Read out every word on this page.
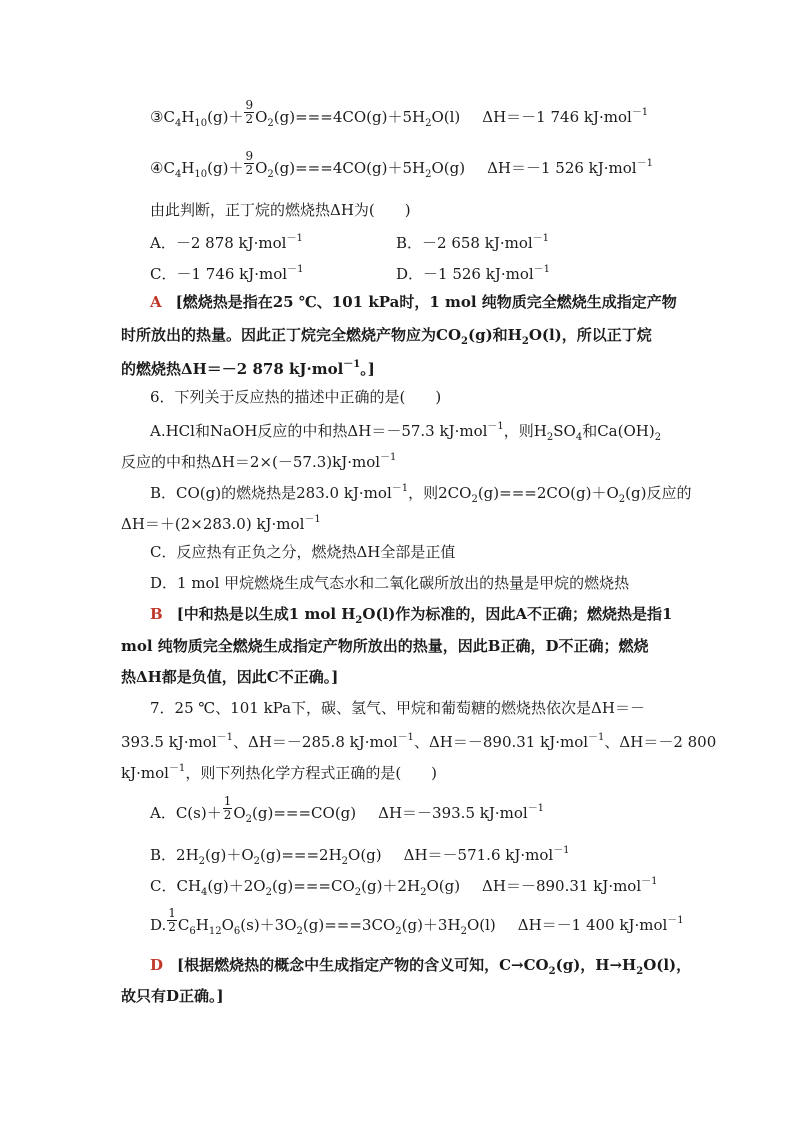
$③C_4H_{10}(g)+ \frac{9}{2} O_2(g)===4CO(g)+5H_2O(l)$ ΔH＝－1 746 kJ·mol$^{-1}$
$④C_4H_{10}(g)+ \frac{9}{2} O_2(g)===4CO(g)+5H_2O(g)$ ΔH＝－1 526 kJ·mol$^{-1}$
由此判断，正丁烷的燃烧热ΔH为(　　)
A．－2 878 kJ·mol$^{-1}$	B．－2 658 kJ·mol$^{-1}$
C．－1 746 kJ·mol$^{-1}$	D．－1 526 kJ·mol$^{-1}$
A [燃烧热是指在25 ℃、101 kPa时，1 mol 纯物质完全燃烧生成指定产物
时所放出的热量。因此正丁烷完全燃烧产物应为$CO_2(g)$和$H_2O(l)$，所以正丁烷
的燃烧热ΔH＝－2 878 kJ·mol$^{-1}$。]
6．下列关于反应热的描述中正确的是(　　)
A.HCl和NaOH反应的中和热ΔH＝－57.3 kJ·mol$^{-1}$，则$H_2SO_4$和$Ca(OH)_2$
反应的中和热ΔH＝2×(－57.3)kJ·mol$^{-1}$
B．CO(g)的燃烧热是283.0 kJ·mol$^{-1}$，则$2CO_2(g)===2CO(g)+O_2(g)$反应的
ΔH＝＋(2×283.0) kJ·mol$^{-1}$
C．反应热有正负之分，燃烧热ΔH全部是正值
D．1 mol 甲烷燃烧生成气态水和二氧化碳所放出的热量是甲烷的燃烧热
B [中和热是以生成1 mol $H_2O(l)$作为标准的，因此A不正确；燃烧热是指1
mol 纯物质完全燃烧生成指定产物所放出的热量，因此B正确，D不正确；燃烧
热ΔH都是负值，因此C不正确。]
7．25 ℃、101 kPa下，碳、氢气、甲烷和葡萄糖的燃烧热依次是ΔH＝－
393.5 kJ·mol$^{-1}$、ΔH＝－285.8 kJ·mol$^{-1}$、ΔH＝－890.31 kJ·mol$^{-1}$、ΔH＝－2 800
kJ·mol$^{-1}$，则下列热化学方程式正确的是(　　)
A．$C(s)+ \frac{1}{2} O_2(g)===CO(g)$ ΔH＝－393.5 kJ·mol$^{-1}$
B．$2H_2(g)+O_2(g)===2H_2O(g)$ ΔH＝－571.6 kJ·mol$^{-1}$
C．$CH_4(g)+2O_2(g)===CO_2(g)+2H_2O(g)$ ΔH＝－890.31 kJ·mol$^{-1}$
D. $\frac{1}{2} C_6H_{12}O_6(s)+3O_2(g)===3CO_2(g)+3H_2O(l)$ ΔH＝－1 400 kJ·mol$^{-1}$
D [根据燃烧热的概念中生成指定产物的含义可知，$C\to CO_2(g)$，$H\to H_2O(l)$，
故只有D正确。]
